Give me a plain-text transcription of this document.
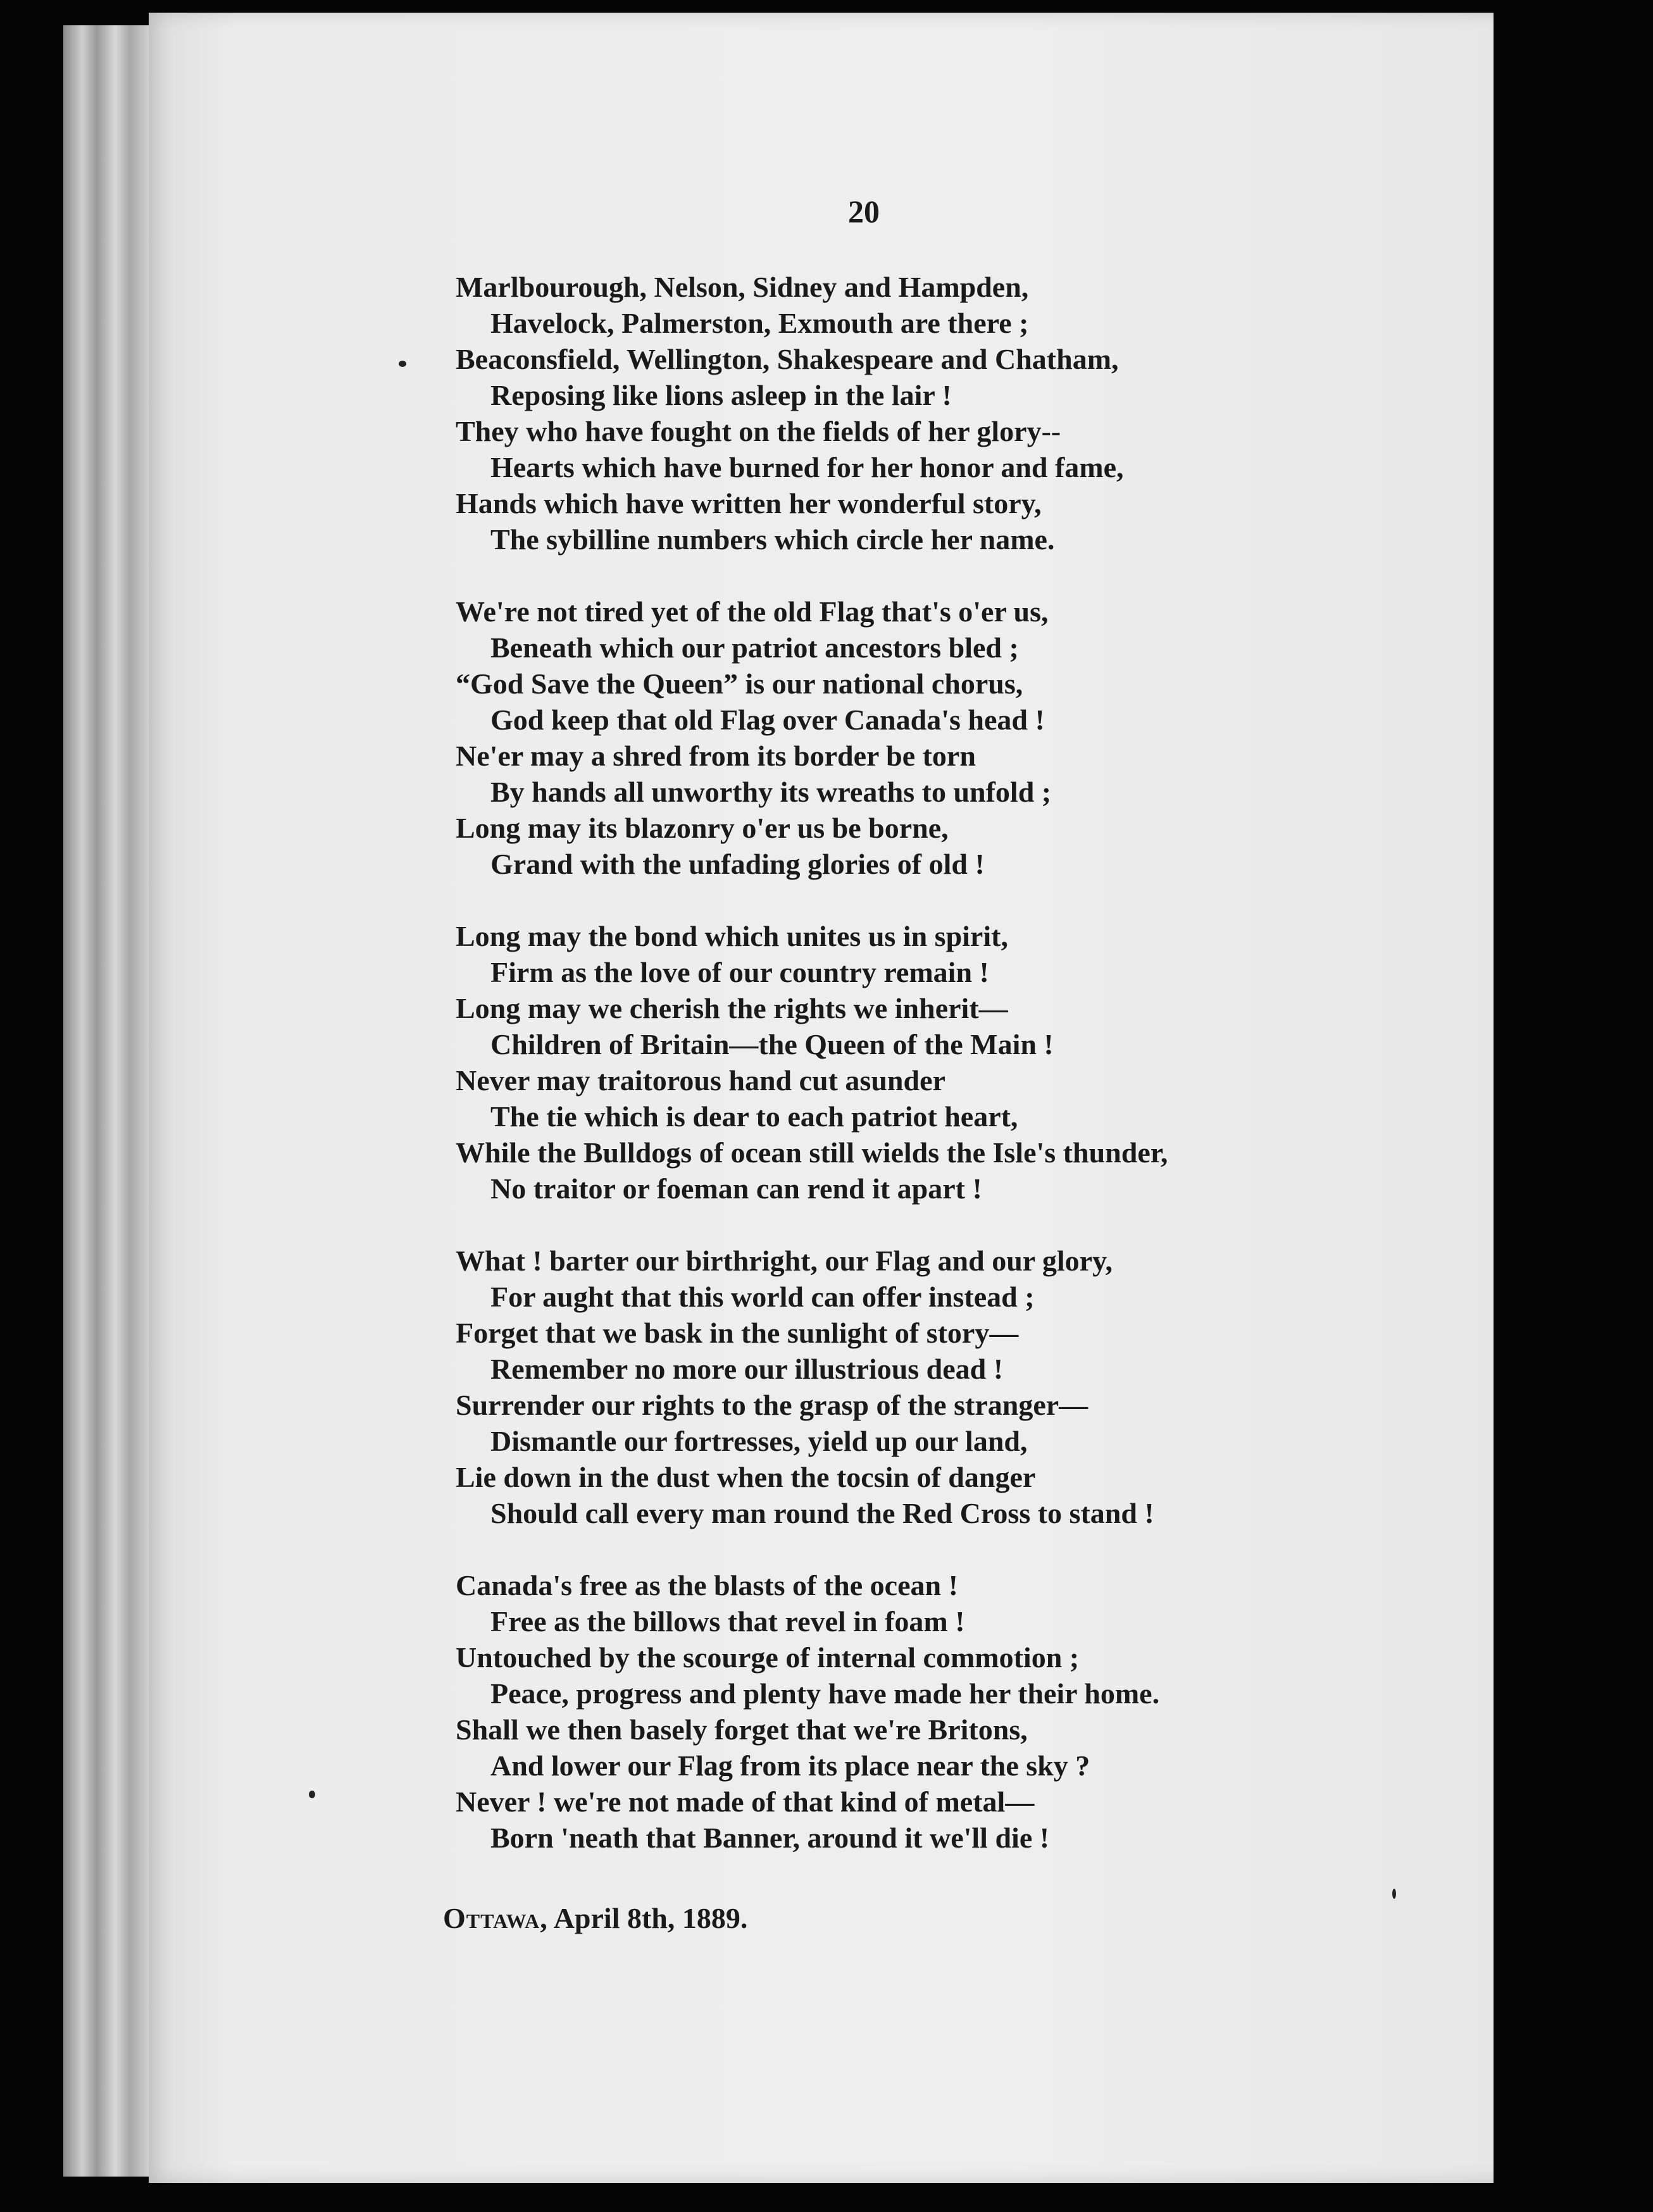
20
Marlbourough, Nelson, Sidney and Hampden,
Havelock, Palmerston, Exmouth are there ;
Beaconsfield, Wellington, Shakespeare and Chatham,
Reposing like lions asleep in the lair !
They who have fought on the fields of her glory--
Hearts which have burned for her honor and fame,
Hands which have written her wonderful story,
The sybilline numbers which circle her name.
We're not tired yet of the old Flag that's o'er us,
Beneath which our patriot ancestors bled ;
“God Save the Queen” is our national chorus,
God keep that old Flag over Canada's head !
Ne'er may a shred from its border be torn
By hands all unworthy its wreaths to unfold ;
Long may its blazonry o'er us be borne,
Grand with the unfading glories of old !
Long may the bond which unites us in spirit,
Firm as the love of our country remain !
Long may we cherish the rights we inherit—
Children of Britain—the Queen of the Main !
Never may traitorous hand cut asunder
The tie which is dear to each patriot heart,
While the Bulldogs of ocean still wields the Isle's thunder,
No traitor or foeman can rend it apart !
What ! barter our birthright, our Flag and our glory,
For aught that this world can offer instead ;
Forget that we bask in the sunlight of story—
Remember no more our illustrious dead !
Surrender our rights to the grasp of the stranger—
Dismantle our fortresses, yield up our land,
Lie down in the dust when the tocsin of danger
Should call every man round the Red Cross to stand !
Canada's free as the blasts of the ocean !
Free as the billows that revel in foam !
Untouched by the scourge of internal commotion ;
Peace, progress and plenty have made her their home.
Shall we then basely forget that we're Britons,
And lower our Flag from its place near the sky ?
Never ! we're not made of that kind of metal—
Born 'neath that Banner, around it we'll die !
Ottawa, April 8th, 1889.
